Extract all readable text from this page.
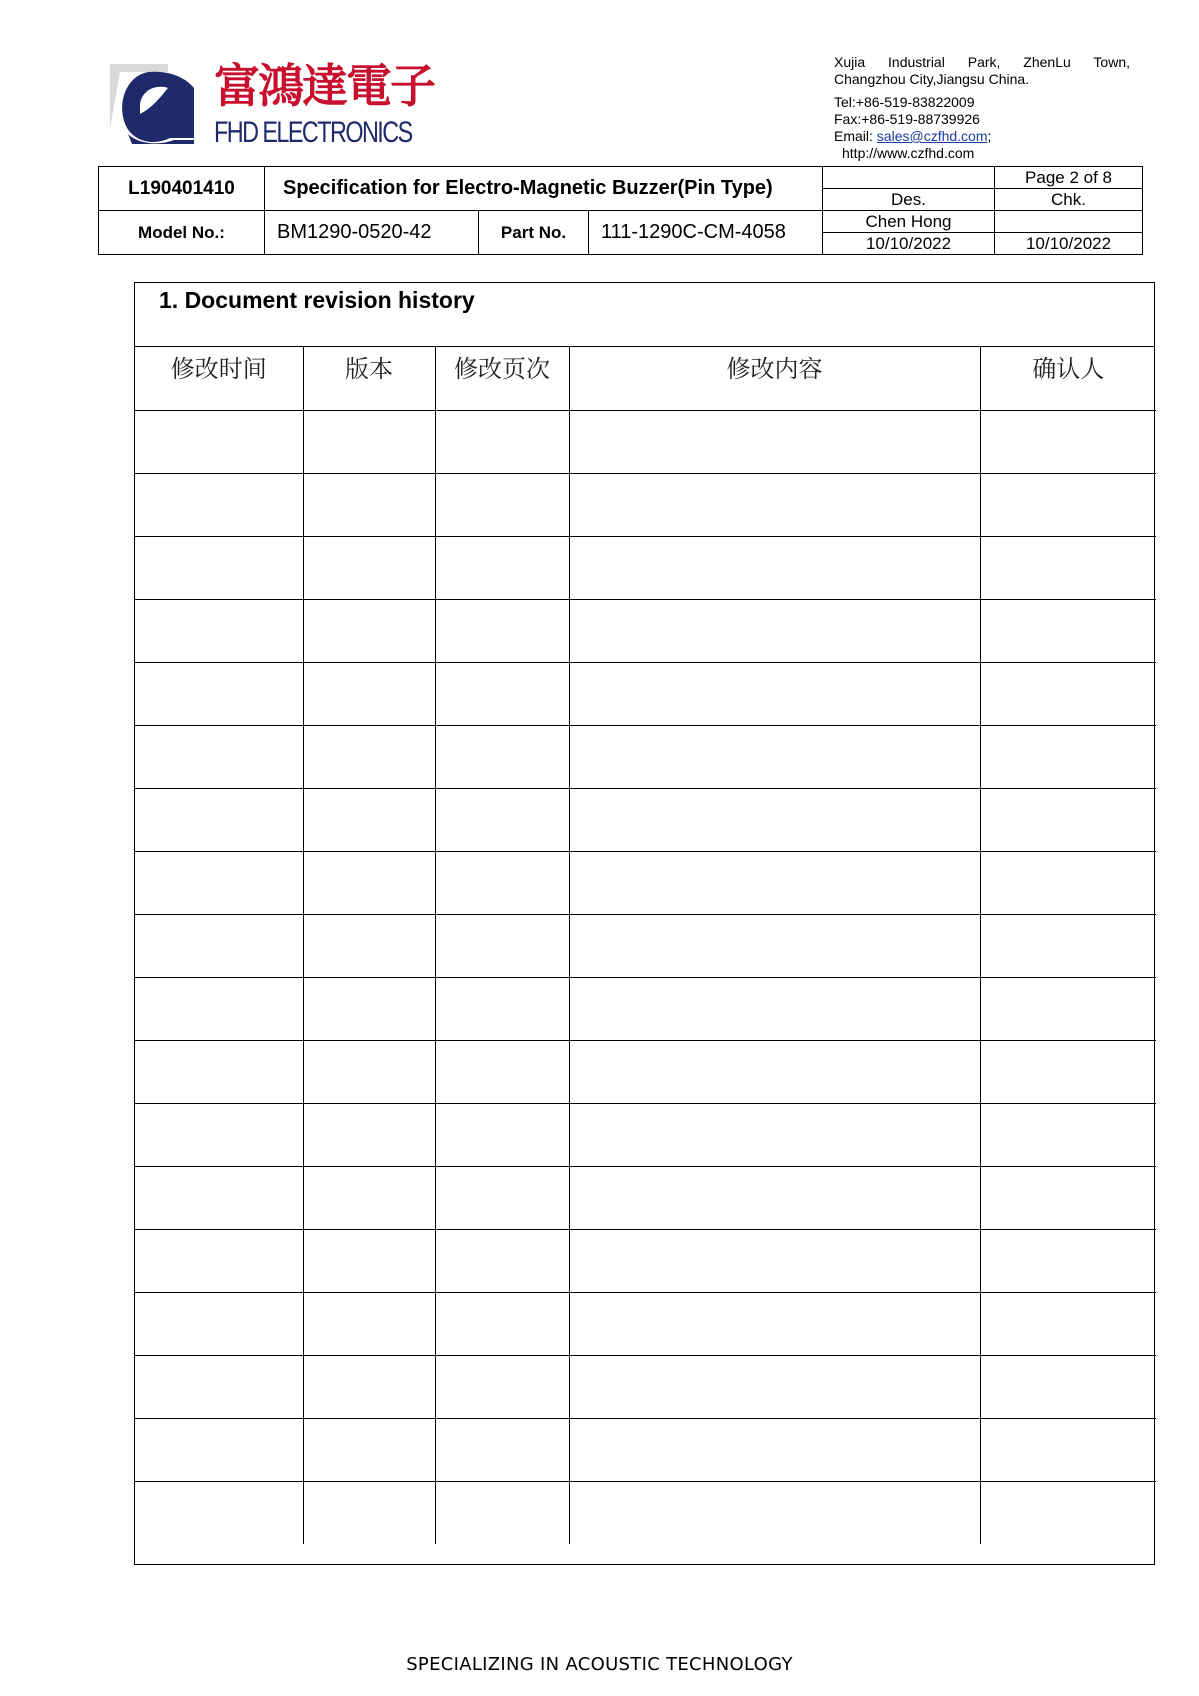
富鴻達電子
FHD ELECTRONICS
Xujia Industrial Park, ZhenLu Town,
Changzhou City,Jiangsu China.
Tel:+86-519-83822009
Fax:+86-519-88739926
Email: sales@czfhd.com;
http://www.czfhd.com
L190401410	Specification for Electro-Magnetic Buzzer(Pin Type)				Page 2 of 8
				Des.	Chk.
Model No.:	BM1290-0520-42	Part No.	111-1290C-CM-4058	Chen Hong	
				10/10/2022	10/10/2022
1. Document revision history
修改时间	版本	修改页次	修改内容	确认人

SPECIALIZING IN ACOUSTIC TECHNOLOGY
